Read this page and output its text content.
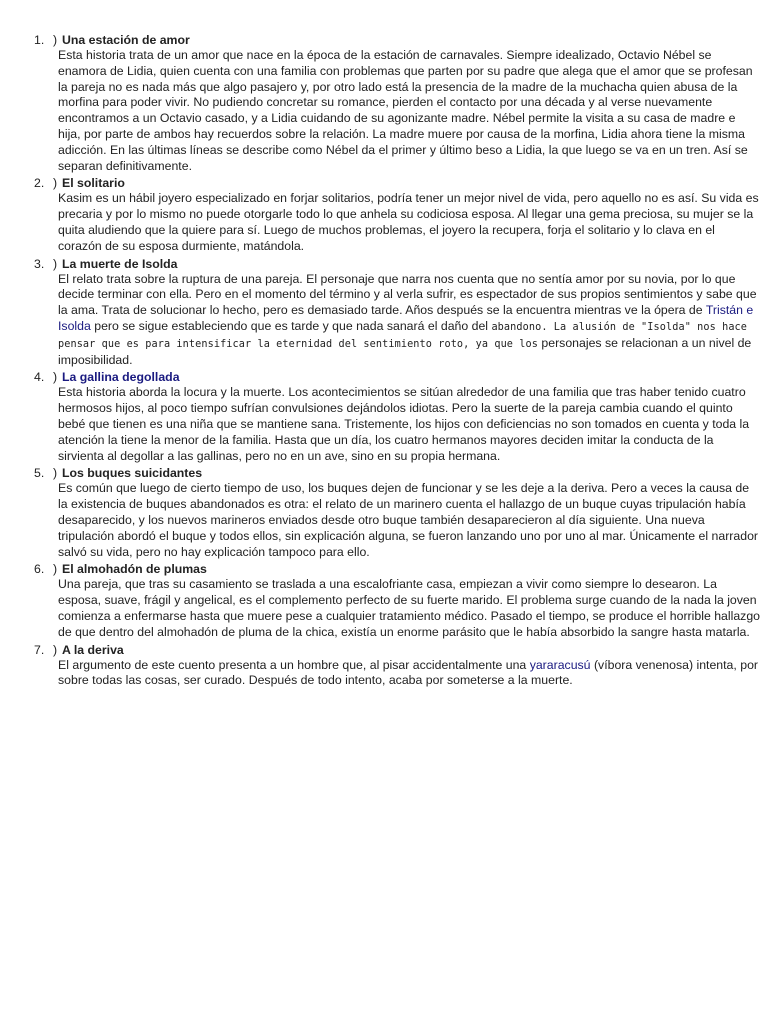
1. ) Una estación de amor
Esta historia trata de un amor que nace en la época de la estación de carnavales. Siempre idealizado, Octavio Nébel se enamora de Lidia, quien cuenta con una familia con problemas que parten por su padre que alega que el amor que se profesan la pareja no es nada más que algo pasajero y, por otro lado está la presencia de la madre de la muchacha quien abusa de la morfina para poder vivir. No pudiendo concretar su romance, pierden el contacto por una década y al verse nuevamente encontramos a un Octavio casado, y a Lidia cuidando de su agonizante madre. Nébel permite la visita a su casa de madre e hija, por parte de ambos hay recuerdos sobre la relación. La madre muere por causa de la morfina, Lidia ahora tiene la misma adicción. En las últimas líneas se describe como Nébel da el primer y último beso a Lidia, la que luego se va en un tren. Así se separan definitivamente.
2. ) El solitario
Kasim es un hábil joyero especializado en forjar solitarios, podría tener un mejor nivel de vida, pero aquello no es así. Su vida es precaria y por lo mismo no puede otorgarle todo lo que anhela su codiciosa esposa. Al llegar una gema preciosa, su mujer se la quita aludiendo que la quiere para sí. Luego de muchos problemas, el joyero la recupera, forja el solitario y lo clava en el corazón de su esposa durmiente, matándola.
3. ) La muerte de Isolda
El relato trata sobre la ruptura de una pareja. El personaje que narra nos cuenta que no sentía amor por su novia, por lo que decide terminar con ella. Pero en el momento del término y al verla sufrir, es espectador de sus propios sentimientos y sabe que la ama. Trata de solucionar lo hecho, pero es demasiado tarde. Años después se la encuentra mientras ve la ópera de Tristán e Isolda pero se sigue estableciendo que es tarde y que nada sanará el daño del abandono. La alusión de "Isolda" nos hace pensar que es para intensificar la eternidad del sentimiento roto, ya que los personajes se relacionan a un nivel de imposibilidad.
4. ) La gallina degollada
Esta historia aborda la locura y la muerte. Los acontecimientos se sitúan alrededor de una familia que tras haber tenido cuatro hermosos hijos, al poco tiempo sufrían convulsiones dejándolos idiotas. Pero la suerte de la pareja cambia cuando el quinto bebé que tienen es una niña que se mantiene sana. Tristemente, los hijos con deficiencias no son tomados en cuenta y toda la atención la tiene la menor de la familia. Hasta que un día, los cuatro hermanos mayores deciden imitar la conducta de la sirvienta al degollar a las gallinas, pero no en un ave, sino en su propia hermana.
5. ) Los buques suicidantes
Es común que luego de cierto tiempo de uso, los buques dejen de funcionar y se les deje a la deriva. Pero a veces la causa de la existencia de buques abandonados es otra: el relato de un marinero cuenta el hallazgo de un buque cuyas tripulación había desaparecido, y los nuevos marineros enviados desde otro buque también desaparecieron al día siguiente. Una nueva tripulación abordó el buque y todos ellos, sin explicación alguna, se fueron lanzando uno por uno al mar. Únicamente el narrador salvó su vida, pero no hay explicación tampoco para ello.
6. ) El almohadón de plumas
Una pareja, que tras su casamiento se traslada a una escalofriante casa, empiezan a vivir como siempre lo desearon. La esposa, suave, frágil y angelical, es el complemento perfecto de su fuerte marido. El problema surge cuando de la nada la joven comienza a enfermarse hasta que muere pese a cualquier tratamiento médico. Pasado el tiempo, se produce el horrible hallazgo de que dentro del almohadón de pluma de la chica, existía un enorme parásito que le había absorbido la sangre hasta matarla.
7. ) A la deriva
El argumento de este cuento presenta a un hombre que, al pisar accidentalmente una yararacusú (víbora venenosa) intenta, por sobre todas las cosas, ser curado. Después de todo intento, acaba por someterse a la muerte.
